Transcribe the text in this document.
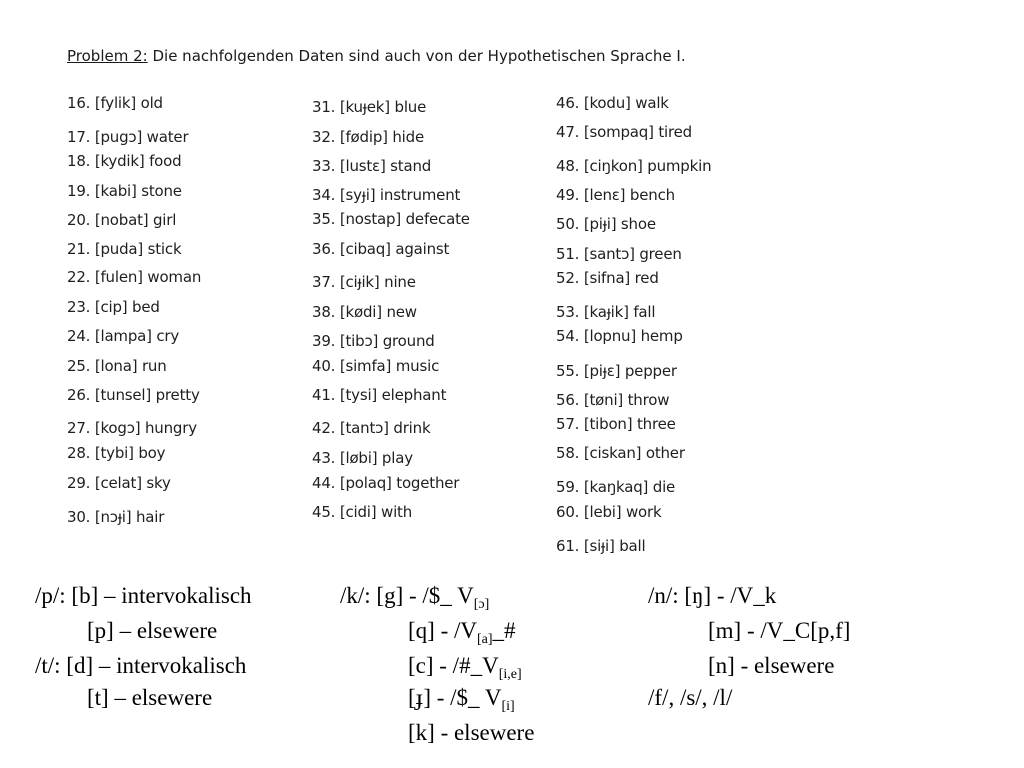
Problem 2: Die nachfolgenden Daten sind auch von der Hypothetischen Sprache I.
16. [fylik] old
17. [pugɔ] water
18. [kydik] food
19. [kabi] stone
20. [nobat] girl
21. [puda] stick
22. [fulen] woman
23. [cip] bed
24. [lampa] cry
25. [lona] run
26. [tunsel] pretty
27. [kogɔ] hungry
28. [tybi] boy
29. [celat] sky
30. [nɔɟi] hair
31. [kuɟek] blue
32. [fødip] hide
33. [lustɛ] stand
34. [syɟi] instrument
35. [nostap] defecate
36. [cibaq] against
37. [ciɟik] nine
38. [kødi] new
39. [tibɔ] ground
40. [simfa] music
41. [tysi] elephant
42. [tantɔ] drink
43. [løbi] play
44. [polaq] together
45. [cidi] with
46. [kodu] walk
47. [sompaq] tired
48. [ciŋkon] pumpkin
49. [lenɛ] bench
50. [piɟi] shoe
51. [santɔ] green
52. [sifna] red
53. [kaɟik] fall
54. [lopnu] hemp
55. [piɟɛ] pepper
56. [tøni] throw
57. [tibon] three
58. [ciskan] other
59. [kaŋkaq] die
60. [lebi] work
61. [siɟi] ball
/p/: [b] – intervokalisch
[p] – elsewere
/t/: [d] – intervokalisch
[t] – elsewere
/k/: [g] - /$_ $V_{[ɔ]}$
$[q] - /V_{[a]}\_\#$
$[c] - /\#\_V_{[i,e]}$
[ɟ] - /$_ $V_{[i]}$
[k] - elsewere
/n/: [ŋ] - /V_k
[m] - /V_C[p,f]
[n] - elsewere
/f/, /s/, /l/
